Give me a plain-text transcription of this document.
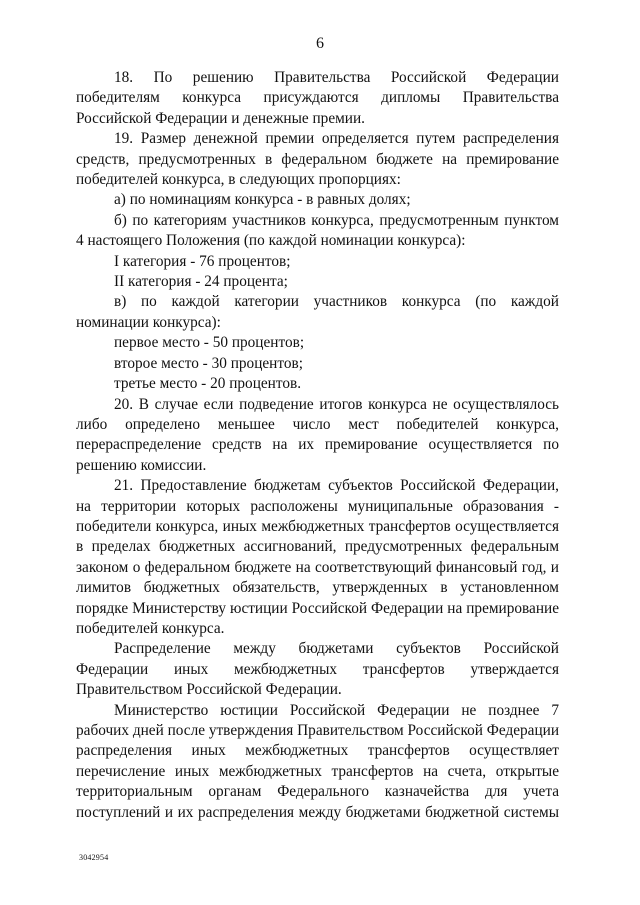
6

18. По решению Правительства Российской Федерации победителям конкурса присуждаются дипломы Правительства Российской Федерации и денежные премии.

19. Размер денежной премии определяется путем распределения средств, предусмотренных в федеральном бюджете на премирование победителей конкурса, в следующих пропорциях:

а) по номинациям конкурса - в равных долях;

б) по категориям участников конкурса, предусмотренным пунктом 4 настоящего Положения (по каждой номинации конкурса):

I категория - 76 процентов;

II категория - 24 процента;

в) по каждой категории участников конкурса (по каждой номинации конкурса):

первое место - 50 процентов;

второе место - 30 процентов;

третье место - 20 процентов.

20. В случае если подведение итогов конкурса не осуществлялось либо определено меньшее число мест победителей конкурса, перераспределение средств на их премирование осуществляется по решению комиссии.

21. Предоставление бюджетам субъектов Российской Федерации, на территории которых расположены муниципальные образования - победители конкурса, иных межбюджетных трансфертов осуществляется в пределах бюджетных ассигнований, предусмотренных федеральным законом о федеральном бюджете на соответствующий финансовый год, и лимитов бюджетных обязательств, утвержденных в установленном порядке Министерству юстиции Российской Федерации на премирование победителей конкурса.

Распределение между бюджетами субъектов Российской Федерации иных межбюджетных трансфертов утверждается Правительством Российской Федерации.

Министерство юстиции Российской Федерации не позднее 7 рабочих дней после утверждения Правительством Российской Федерации распределения иных межбюджетных трансфертов осуществляет перечисление иных межбюджетных трансфертов на счета, открытые территориальным органам Федерального казначейства для учета поступлений и их распределения между бюджетами бюджетной системы

3042954
